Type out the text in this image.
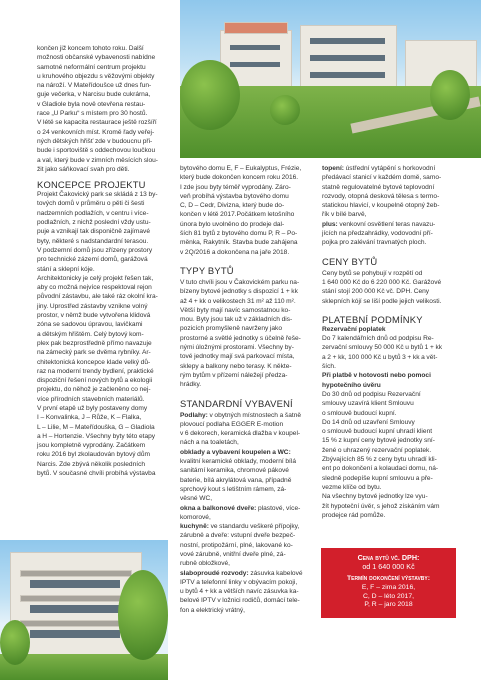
končen již koncem tohoto roku. Další
možnosti občanské vybavenosti nabídne
samotné neformální centrum projektu
u kruhového objezdu s věžovými objekty
na nároží. V Mateřídoušce už dnes fun-
guje večerka, v Narcisu bude cukrárna,
v Gladiole byla nově otevřena restau-
race „U Parku“ s místem pro 30 hostů.
V létě se kapacita restaurace ještě rozšíří
o 24 venkovních míst. Kromě řady veřej-
ných dětských hřišť zde v budoucnu při-
bude i sportoviště s oddechovou loučkou
a val, který bude v zimních měsících slou-
žit jako sáňkovací svah pro děti.
KONCEPCE PROJEKTU
Projekt Čakovický park se skládá z 13 by-
tových domů v průměru o pěti či šesti
nadzemních podlažích, v centru i více-
podlažních, z nichž poslední vždy ustu-
puje a vznikají tak disponičně zajímavé
byty, některé s nadstandardní terasou.
V podzemní domů jsou zřízeny prostory
pro technické zázemí domů, garážová
stání a sklepní kóje.
Architektonicky je celý projekt řešen tak,
aby co možná nejvíce respektoval rejon
původní zástavbu, ale také ráz okolní kra-
jiny. Uprostřed zástavby vznikne volný
prostor, v němž bude vytvořena klidová
zóna se sadovou úpravou, lavičkami
a dětským hřištěm. Celý bytový kom-
plex pak bezprostředně přímo navazuje
na zámecký park se dvěma rybníky. Ar-
chitektonická koncepce klade velký dů-
raz na moderní trendy bydlení, praktické
dispoziční řešení nových bytů a ekologii
projektu, do něhož je začleněno co nej-
více přírodních stavebních materiálů.
V první etapě už byly postaveny domy
I – Konvalinka, J – Růže, K – Flalka,
L – Lilie, M – Mateřídouška, G – Gladiola
a H – Hortenzie. Všechny byty této etapy
jsou kompletně vyprodány. Začátkem
roku 2016 byl zkolaudován bytový dům
Narcis. Zde zbývá několik posledních
bytů. V současné chvíli probíhá výstavba
bytového domu E, F – Eukalyptus, Frézie,
který bude dokončen koncem roku 2016.
I zde jsou byty téměř vyprodány. Záro-
veň probíhá výstavba bytového domu
C, D – Cedr, Divizna, který bude do-
končen v létě 2017.Počátkem letošního
února bylo uvolněno do prodeje dal-
ších 81 bytů z bytového domu P, R – Po-
měnka, Rakytník. Stavba bude zahájena
v 2Q/2016 a dokončena na jaře 2018.
TYPY BYTŮ
V tuto chvíli jsou v Čakovickém parku na-
bízeny bytové jednotky s dispozicí 1 + kk
až 4 + kk o velikostech 31 m² až 110 m².
Větší byty mají navíc samostatnou ko-
mou. Byty jsou tak už v základních dis-
pozicích promyšleně navrženy jako
prostorné a světlé jednotky s účelně řeše-
nými úložnými prostorami. Všechny by-
tové jednotky mají svá parkovací místa,
sklepy a balkony nebo terasy. K někte-
rým bytům v přízemí náležejí předza-
hrádky.
STANDARDNÍ VYBAVENÍ
Podlahy: v obytných místnostech a šatně
plovoucí podlaha EGGER E-motion
v 6 dekorech, keramická dlažba v koupel-
nách a na toaletách,
obklady a vybavení koupelen a WC:
kvalitní keramické obklady, moderní bílá
sanitární keramika, chromové pákové
baterie, bílá akrylátová vana, případně
sprchový kout s letištním rámem, zá-
věsné WC,
okna a balkonové dveře: plastové, více-
komorové,
kuchyně: ve standardu veškeré přípojky,
zárubně a dveře: vstupní dveře bezpeč-
nostní, protipožární, plné, lakované ko-
vové zárubně, vnitřní dveře plné, zá-
rubně obložkové,
slaboproudé rozvody: zásuvka kabelové
IPTV a telefonní linky v obývacím pokoji,
u bytů 4 + kk a větších navíc zásuvka ka-
belové IPTV v ložnici rodičů, domácí tele-
fon a elektrický vrátný,
topení: ústřední vytápění s horkovodní
předávací stanicí v každém domě, samo-
statně regulovatelné bytové teplovodní
rozvody, otopná desková tělesa s termo-
statickou hlavicí, v koupelně otopný žeb-
řík v bílé barvě,
plus: venkovní osvětlení teras navazu-
jících na předzahrádky, vodovodní pří-
pojka pro zalévání travnatých ploch.
CENY BYTŮ
Ceny bytů se pohybují v rozpětí od
1 640 000 Kč do 6 220 000 Kč. Garážové
stání stojí 200 000 Kč vč. DPH. Ceny
sklepních kójí se liší podle jejich velikosti.
PLATEBNÍ PODMÍNKY
Rezervační poplatek
Do 7 kalendářních dnů od podpisu Re-
zervační smlouvy 50 000 Kč u bytů 1 + kk
a 2 + kk, 100 000 Kč u bytů 3 + kk a vět-
ších.
Při platbě v hotovosti nebo pomoci
hypotečního úvěru
Do 30 dnů od podpisu Rezervační
smlouvy uzavírá klient Smlouvu
o smlouvě budoucí kupní.
Do 14 dnů od uzavření Smlouvy
o smlouvě budoucí kupní uhradí klient
15 % z kupní ceny bytové jednotky sní-
žené o uhrazený rezervační poplatek.
Zbývajících 85 % z ceny bytu uhradí kli-
ent po dokončení a kolaudaci domu, ná-
sledně podepíše kupní smlouvu a pře-
vezme klíče od bytu.
Na všechny bytové jednotky lze vyu-
žít hypoteční úvěr, s jehož získáním vám
prodejce rád pomůže.
Cena bytů vč. DPH:
od 1 640 000 Kč
Termín dokončení výstavby:
E, F – zima 2016,
C, D – léto 2017,
P, R – jaro 2018
